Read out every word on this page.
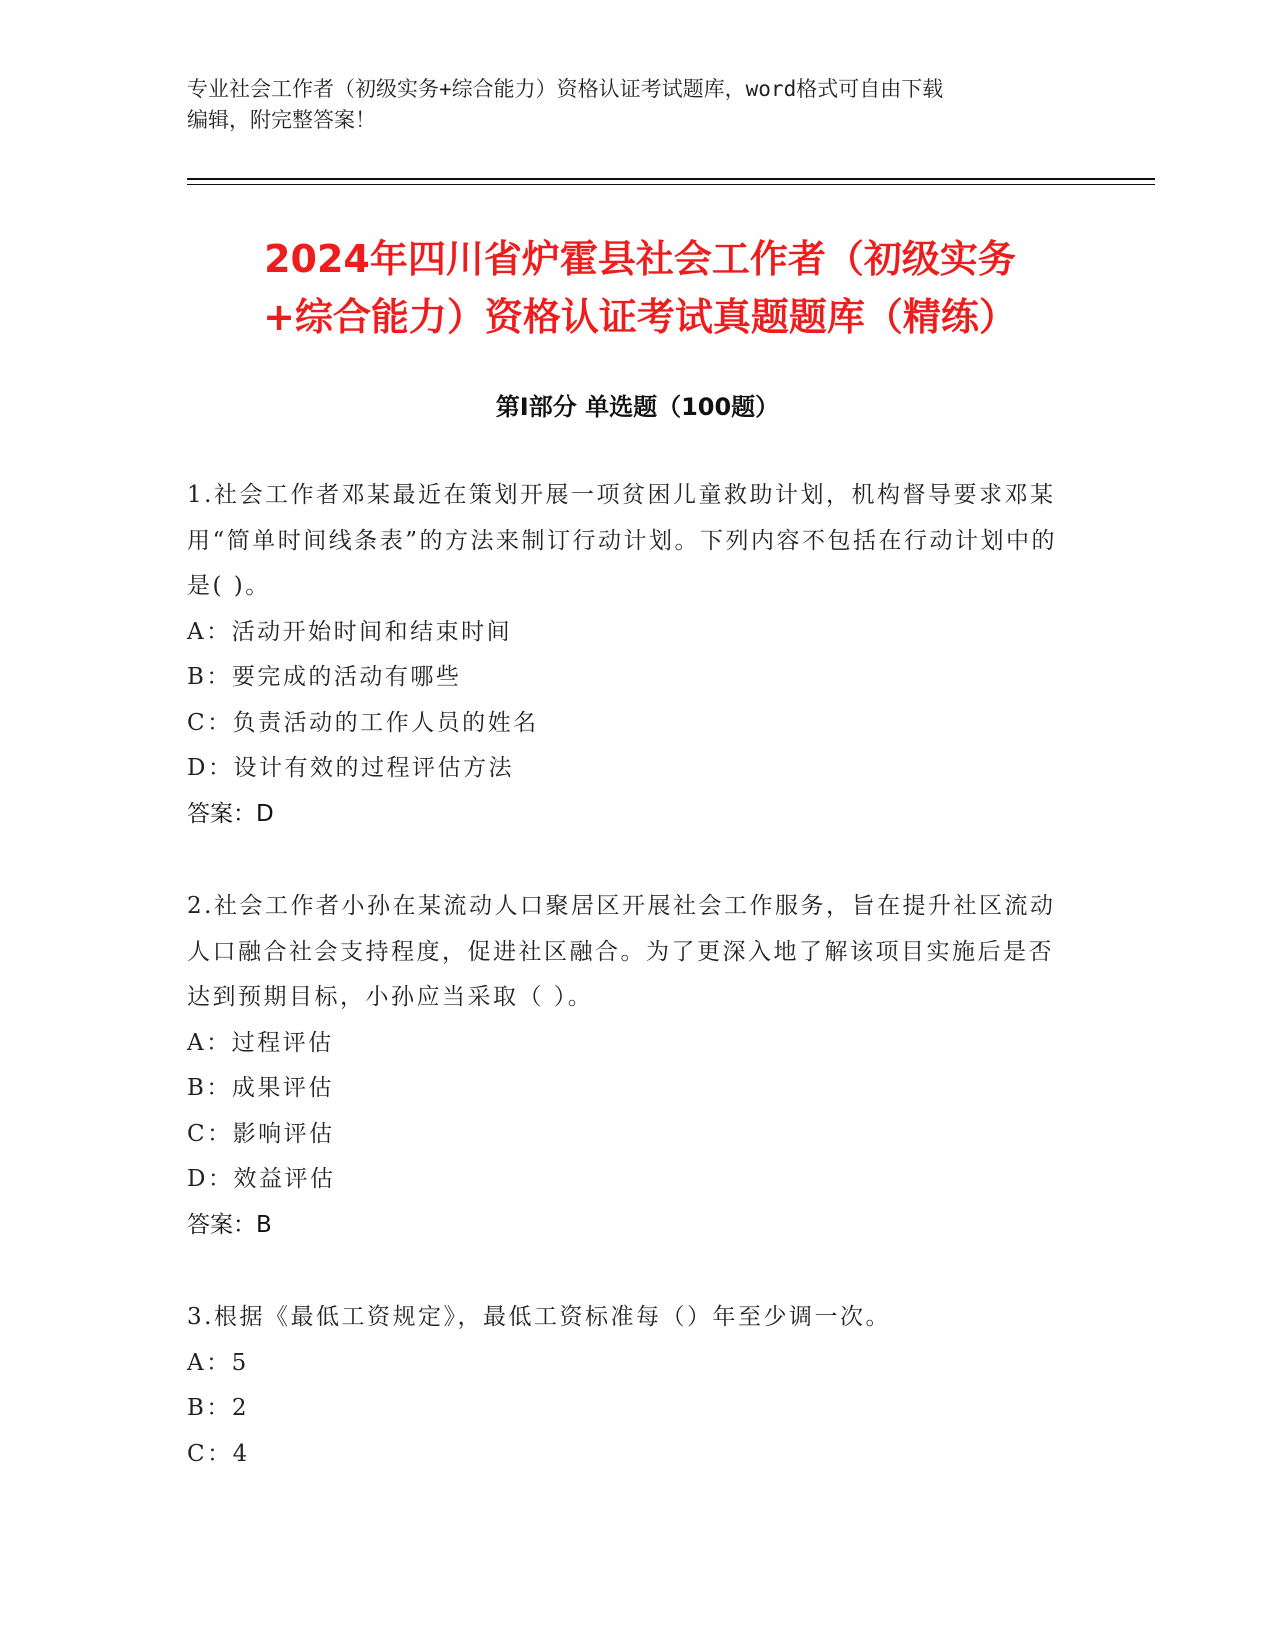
专业社会工作者（初级实务+综合能力）资格认证考试题库，word格式可自由下载
编辑，附完整答案！
2024年四川省炉霍县社会工作者（初级实务
+综合能力）资格认证考试真题题库（精练）
第I部分 单选题（100题）

1.社会工作者邓某最近在策划开展一项贫困儿童救助计划，机构督导要求邓某用“简单时间线条表”的方法来制订行动计划。下列内容不包括在行动计划中的是( )。

A：活动开始时间和结束时间

B：要完成的活动有哪些

C：负责活动的工作人员的姓名

D：设计有效的过程评估方法

答案：D

2.社会工作者小孙在某流动人口聚居区开展社会工作服务，旨在提升社区流动人口融合社会支持程度，促进社区融合。为了更深入地了解该项目实施后是否达到预期目标，小孙应当采取（ ）。

A：过程评估

B：成果评估

C：影响评估

D：效益评估

答案：B

3.根据《最低工资规定》，最低工资标准每（）年至少调一次。

A：5

B：2

C：4
